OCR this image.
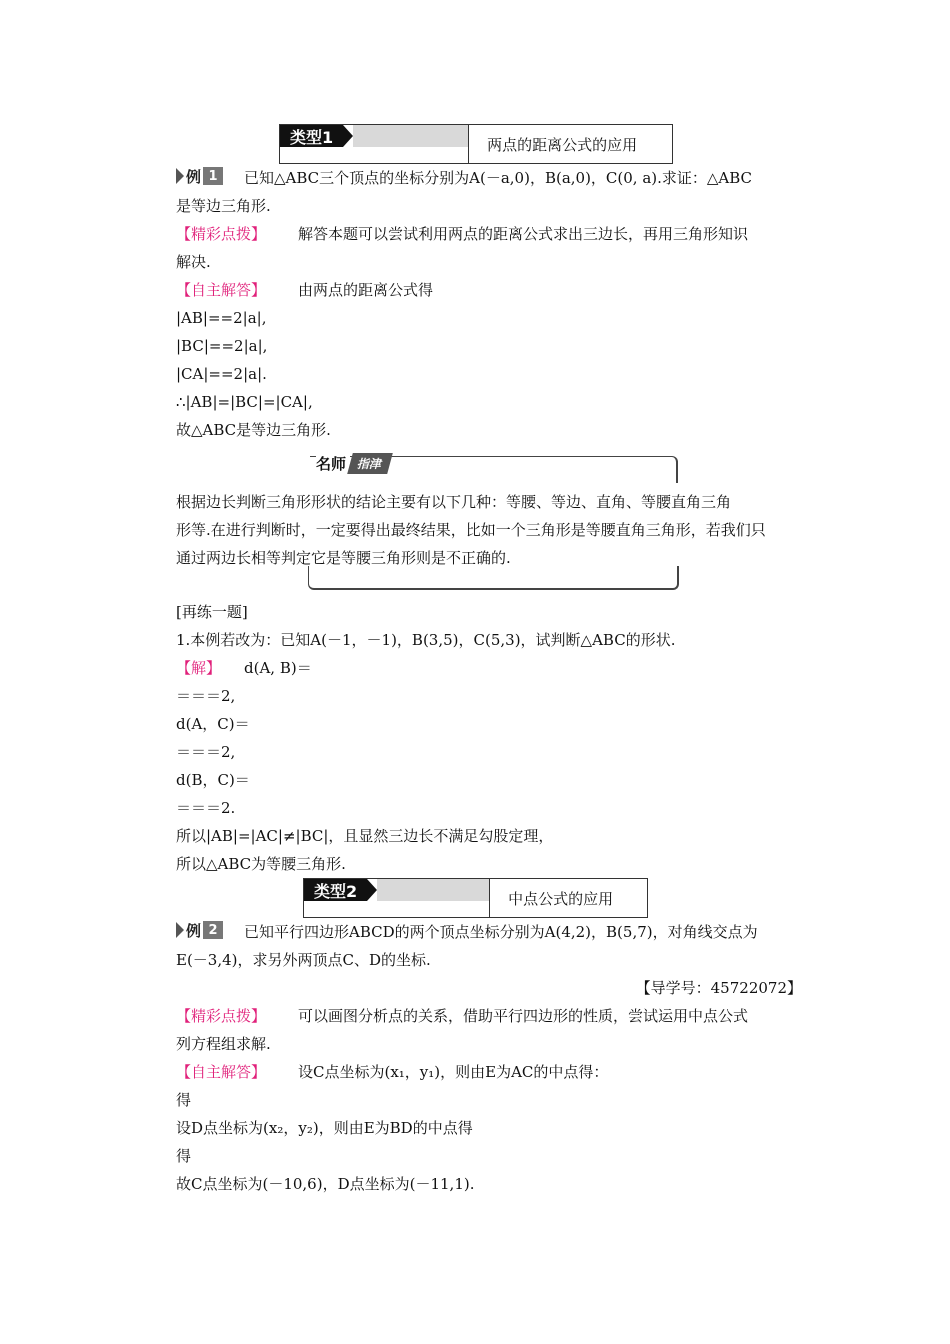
类型1	两点的距离公式的应用
例 1	已知△ABC三个顶点的坐标分别为A(－a,0)，B(a,0)，C(0, a).求证：△ABC
是等边三角形.
【精彩点拨】 解答本题可以尝试利用两点的距离公式求出三边长，再用三角形知识
解决.
【自主解答】 由两点的距离公式得
|AB|==2|a|,
|BC|==2|a|,
|CA|==2|a|.
∴|AB|=|BC|=|CA|,
故△ABC是等边三角形.
名师 指津
根据边长判断三角形形状的结论主要有以下几种：等腰、等边、直角、等腰直角三角
形等.在进行判断时，一定要得出最终结果，比如一个三角形是等腰直角三角形，若我们只
通过两边长相等判定它是等腰三角形则是不正确的.
[再练一题]
1.本例若改为：已知A(－1，－1)，B(3,5)，C(5,3)，试判断△ABC的形状.
【解】 d(A, B)＝
＝＝＝2,
d(A，C)＝
＝＝＝2,
d(B，C)＝
＝＝＝2.
所以|AB|=|AC|≠|BC|，且显然三边长不满足勾股定理，
所以△ABC为等腰三角形.
类型2	中点公式的应用
例 2	已知平行四边形ABCD的两个顶点坐标分别为A(4,2)，B(5,7)，对角线交点为
E(－3,4)，求另外两顶点C、D的坐标.
【导学号：45722072】
【精彩点拨】 可以画图分析点的关系，借助平行四边形的性质，尝试运用中点公式
列方程组求解.
【自主解答】 设C点坐标为(x₁，y₁)，则由E为AC的中点得：
得
设D点坐标为(x₂，y₂)，则由E为BD的中点得
得
故C点坐标为(－10,6)，D点坐标为(－11,1).
